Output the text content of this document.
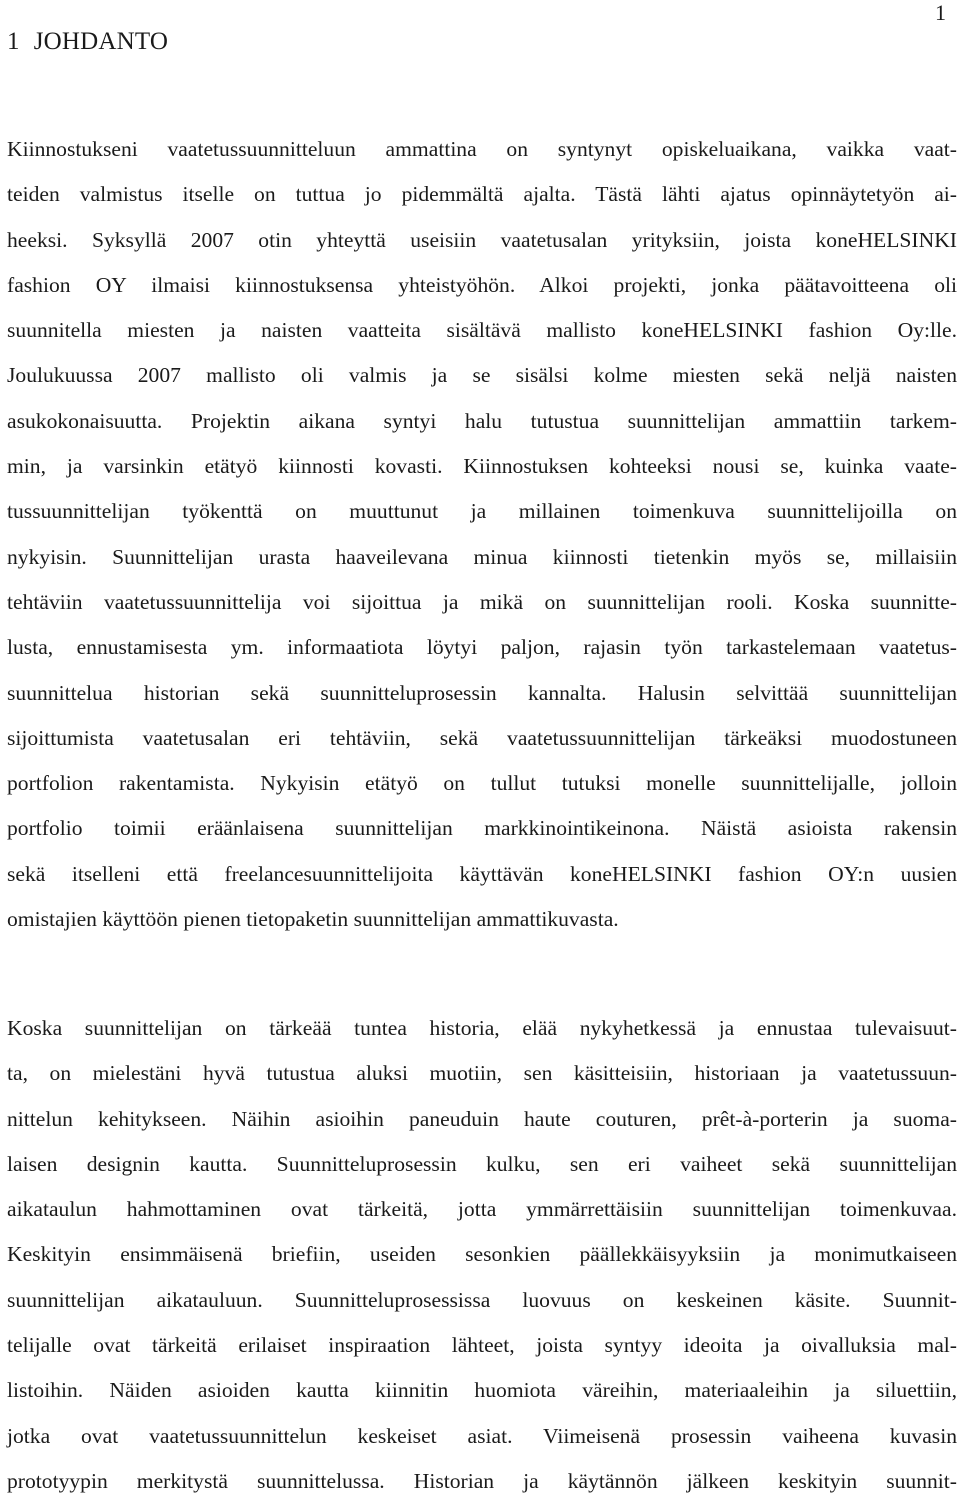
1
1 JOHDANTO
Kiinnostukseni vaatetussuunnitteluun ammattina on syntynyt opiskeluaikana, vaikka vaat-
teiden valmistus itselle on tuttua jo pidemmältä ajalta. Tästä lähti ajatus opinnäytetyön ai-
heeksi. Syksyllä 2007 otin yhteyttä useisiin vaatetusalan yrityksiin, joista koneHELSINKI
fashion OY ilmaisi kiinnostuksensa yhteistyöhön. Alkoi projekti, jonka päätavoitteena oli
suunnitella miesten ja naisten vaatteita sisältävä mallisto koneHELSINKI fashion Oy:lle.
Joulukuussa 2007 mallisto oli valmis ja se sisälsi kolme miesten sekä neljä naisten
asukokonaisuutta. Projektin aikana syntyi halu tutustua suunnittelijan ammattiin tarkem-
min, ja varsinkin etätyö kiinnosti kovasti. Kiinnostuksen kohteeksi nousi se, kuinka vaate-
tussuunnittelijan työkenttä on muuttunut ja millainen toimenkuva suunnittelijoilla on
nykyisin. Suunnittelijan urasta haaveilevana minua kiinnosti tietenkin myös se, millaisiin
tehtäviin vaatetussuunnittelija voi sijoittua ja mikä on suunnittelijan rooli. Koska suunnitte-
lusta, ennustamisesta ym. informaatiota löytyi paljon, rajasin työn tarkastelemaan vaatetus-
suunnittelua historian sekä suunnitteluprosessin kannalta. Halusin selvittää suunnittelijan
sijoittumista vaatetusalan eri tehtäviin, sekä vaatetussuunnittelijan tärkeäksi muodostuneen
portfolion rakentamista. Nykyisin etätyö on tullut tutuksi monelle suunnittelijalle, jolloin
portfolio toimii eräänlaisena suunnittelijan markkinointikeinona. Näistä asioista rakensin
sekä itselleni että freelancesuunnittelijoita käyttävän koneHELSINKI fashion OY:n uusien
omistajien käyttöön pienen tietopaketin suunnittelijan ammattikuvasta.
Koska suunnittelijan on tärkeää tuntea historia, elää nykyhetkessä ja ennustaa tulevaisuut-
ta, on mielestäni hyvä tutustua aluksi muotiin, sen käsitteisiin, historiaan ja vaatetussuun-
nittelun kehitykseen. Näihin asioihin paneuduin haute couturen, prêt-à-porterin ja suoma-
laisen designin kautta. Suunnitteluprosessin kulku, sen eri vaiheet sekä suunnittelijan
aikataulun hahmottaminen ovat tärkeitä, jotta ymmärrettäisiin suunnittelijan toimenkuvaa.
Keskityin ensimmäisenä briefiin, useiden sesonkien päällekkäisyyksiin ja monimutkaiseen
suunnittelijan aikatauluun. Suunnitteluprosessissa luovuus on keskeinen käsite. Suunnit-
telijalle ovat tärkeitä erilaiset inspiraation lähteet, joista syntyy ideoita ja oivalluksia mal-
listoihin. Näiden asioiden kautta kiinnitin huomiota väreihin, materiaaleihin ja siluettiin,
jotka ovat vaatetussuunnittelun keskeiset asiat. Viimeisenä prosessin vaiheena kuvasin
prototyypin merkitystä suunnittelussa. Historian ja käytännön jälkeen keskityin suunnit-
